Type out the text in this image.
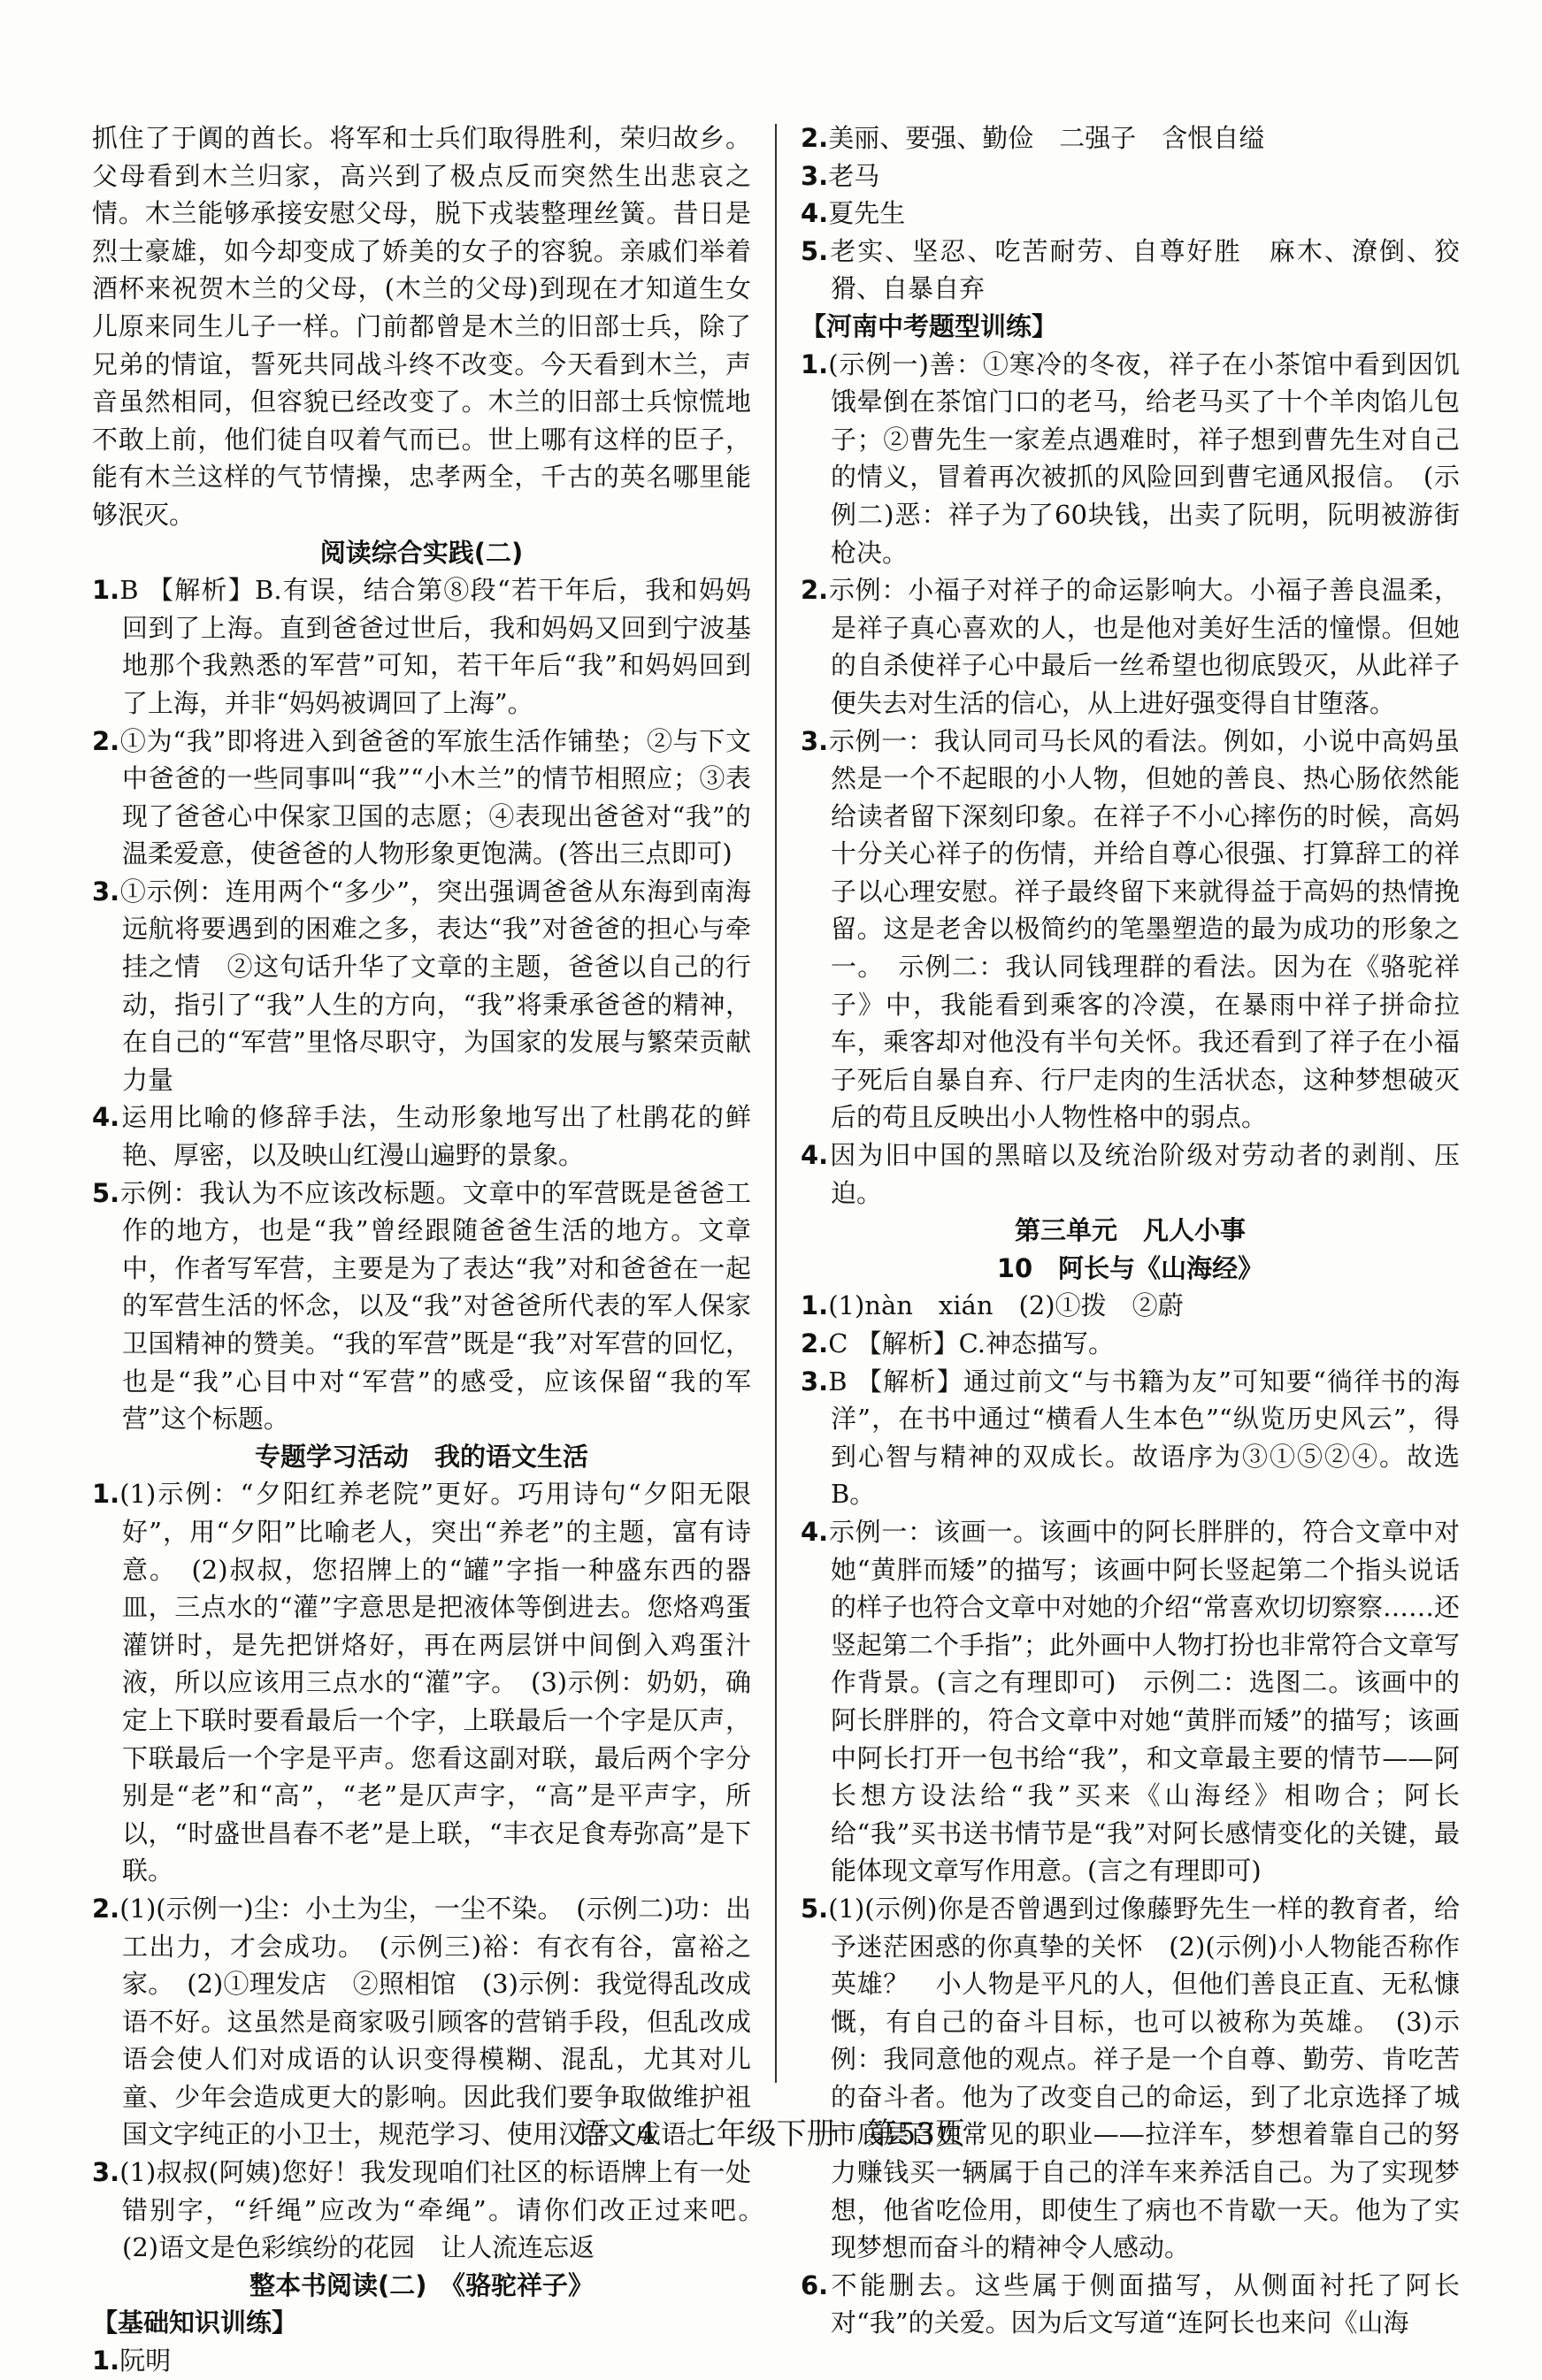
抓住了于阗的酋长。将军和士兵们取得胜利，荣归故乡。父母看到木兰归家，高兴到了极点反而突然生出悲哀之情。木兰能够承接安慰父母，脱下戎装整理丝簧。昔日是烈士豪雄，如今却变成了娇美的女子的容貌。亲戚们举着酒杯来祝贺木兰的父母，(木兰的父母)到现在才知道生女儿原来同生儿子一样。门前都曾是木兰的旧部士兵，除了兄弟的情谊，誓死共同战斗终不改变。今天看到木兰，声音虽然相同，但容貌已经改变了。木兰的旧部士兵惊慌地不敢上前，他们徒自叹着气而已。世上哪有这样的臣子，能有木兰这样的气节情操，忠孝两全，千古的英名哪里能够泯灭。

阅读综合实践(二)

1.B 【解析】B.有误，结合第⑧段“若干年后，我和妈妈回到了上海。直到爸爸过世后，我和妈妈又回到宁波基地那个我熟悉的军营”可知，若干年后“我”和妈妈回到了上海，并非“妈妈被调回了上海”。

2.①为“我”即将进入到爸爸的军旅生活作铺垫；②与下文中爸爸的一些同事叫“我”“小木兰”的情节相照应；③表现了爸爸心中保家卫国的志愿；④表现出爸爸对“我”的温柔爱意，使爸爸的人物形象更饱满。(答出三点即可)

3.①示例：连用两个“多少”，突出强调爸爸从东海到南海远航将要遇到的困难之多，表达“我”对爸爸的担心与牵挂之情　②这句话升华了文章的主题，爸爸以自己的行动，指引了“我”人生的方向，“我”将秉承爸爸的精神，在自己的“军营”里恪尽职守，为国家的发展与繁荣贡献力量

4.运用比喻的修辞手法，生动形象地写出了杜鹃花的鲜艳、厚密，以及映山红漫山遍野的景象。

5.示例：我认为不应该改标题。文章中的军营既是爸爸工作的地方，也是“我”曾经跟随爸爸生活的地方。文章中，作者写军营，主要是为了表达“我”对和爸爸在一起的军营生活的怀念，以及“我”对爸爸所代表的军人保家卫国精神的赞美。“我的军营”既是“我”对军营的回忆，也是“我”心目中对“军营”的感受，应该保留“我的军营”这个标题。

专题学习活动　我的语文生活

1.(1)示例：“夕阳红养老院”更好。巧用诗句“夕阳无限好”，用“夕阳”比喻老人，突出“养老”的主题，富有诗意。　(2)叔叔，您招牌上的“罐”字指一种盛东西的器皿，三点水的“灌”字意思是把液体等倒进去。您烙鸡蛋灌饼时，是先把饼烙好，再在两层饼中间倒入鸡蛋汁液，所以应该用三点水的“灌”字。　(3)示例：奶奶，确定上下联时要看最后一个字，上联最后一个字是仄声，下联最后一个字是平声。您看这副对联，最后两个字分别是“老”和“高”，“老”是仄声字，“高”是平声字，所以，“时盛世昌春不老”是上联，“丰衣足食寿弥高”是下联。

2.(1)(示例一)尘：小土为尘，一尘不染。　(示例二)功：出工出力，才会成功。　(示例三)裕：有衣有谷，富裕之家。　(2)①理发店　②照相馆　(3)示例：我觉得乱改成语不好。这虽然是商家吸引顾客的营销手段，但乱改成语会使人们对成语的认识变得模糊、混乱，尤其对儿童、少年会造成更大的影响。因此我们要争取做维护祖国文字纯正的小卫士，规范学习、使用汉字、成语。

3.(1)叔叔(阿姨)您好！我发现咱们社区的标语牌上有一处错别字，“纤绳”应改为“牵绳”。请你们改正过来吧。　(2)语文是色彩缤纷的花园　让人流连忘返

整本书阅读(二)　《骆驼祥子》

【基础知识训练】

1.阮明

2.美丽、要强、勤俭　二强子　含恨自缢

3.老马

4.夏先生

5.老实、坚忍、吃苦耐劳、自尊好胜　麻木、潦倒、狡猾、自暴自弃

【河南中考题型训练】

1.(示例一)善：①寒冷的冬夜，祥子在小茶馆中看到因饥饿晕倒在茶馆门口的老马，给老马买了十个羊肉馅儿包子；②曹先生一家差点遇难时，祥子想到曹先生对自己的情义，冒着再次被抓的风险回到曹宅通风报信。　(示例二)恶：祥子为了60块钱，出卖了阮明，阮明被游街枪决。

2.示例：小福子对祥子的命运影响大。小福子善良温柔，是祥子真心喜欢的人，也是他对美好生活的憧憬。但她的自杀使祥子心中最后一丝希望也彻底毁灭，从此祥子便失去对生活的信心，从上进好强变得自甘堕落。

3.示例一：我认同司马长风的看法。例如，小说中高妈虽然是一个不起眼的小人物，但她的善良、热心肠依然能给读者留下深刻印象。在祥子不小心摔伤的时候，高妈十分关心祥子的伤情，并给自尊心很强、打算辞工的祥子以心理安慰。祥子最终留下来就得益于高妈的热情挽留。这是老舍以极简约的笔墨塑造的最为成功的形象之一。　示例二：我认同钱理群的看法。因为在《骆驼祥子》中，我能看到乘客的冷漠，在暴雨中祥子拼命拉车，乘客却对他没有半句关怀。我还看到了祥子在小福子死后自暴自弃、行尸走肉的生活状态，这种梦想破灭后的苟且反映出小人物性格中的弱点。

4.因为旧中国的黑暗以及统治阶级对劳动者的剥削、压迫。

第三单元　凡人小事

10　阿长与《山海经》

1.(1)nàn　xián　(2)①拨　②蔚

2.C 【解析】C.神态描写。

3.B 【解析】通过前文“与书籍为友”可知要“徜徉书的海洋”，在书中通过“横看人生本色”“纵览历史风云”，得到心智与精神的双成长。故语序为③①⑤②④。故选B。

4.示例一：该画一。该画中的阿长胖胖的，符合文章中对她“黄胖而矮”的描写；该画中阿长竖起第二个指头说话的样子也符合文章中对她的介绍“常喜欢切切察察……还竖起第二个手指”；此外画中人物打扮也非常符合文章写作背景。(言之有理即可)　示例二：选图二。该画中的阿长胖胖的，符合文章中对她“黄胖而矮”的描写；该画中阿长打开一包书给“我”，和文章最主要的情节——阿长想方设法给“我”买来《山海经》相吻合；阿长给“我”买书送书情节是“我”对阿长感情变化的关键，最能体现文章写作用意。(言之有理即可)

5.(1)(示例)你是否曾遇到过像藤野先生一样的教育者，给予迷茫困惑的你真挚的关怀　(2)(示例)小人物能否称作英雄？　小人物是平凡的人，但他们善良正直、无私慷慨，有自己的奋斗目标，也可以被称为英雄。　(3)示例：我同意他的观点。祥子是一个自尊、勤劳、肯吃苦的奋斗者。他为了改变自己的命运，到了北京选择了城市底层百姓常见的职业——拉洋车，梦想着靠自己的努力赚钱买一辆属于自己的洋车来养活自己。为了实现梦想，他省吃俭用，即使生了病也不肯歇一天。他为了实现梦想而奋斗的精神令人感动。

6.不能删去。这些属于侧面描写，从侧面衬托了阿长对“我”的关爱。因为后文写道“连阿长也来问《山海

语文4　七年级下册　第53页
